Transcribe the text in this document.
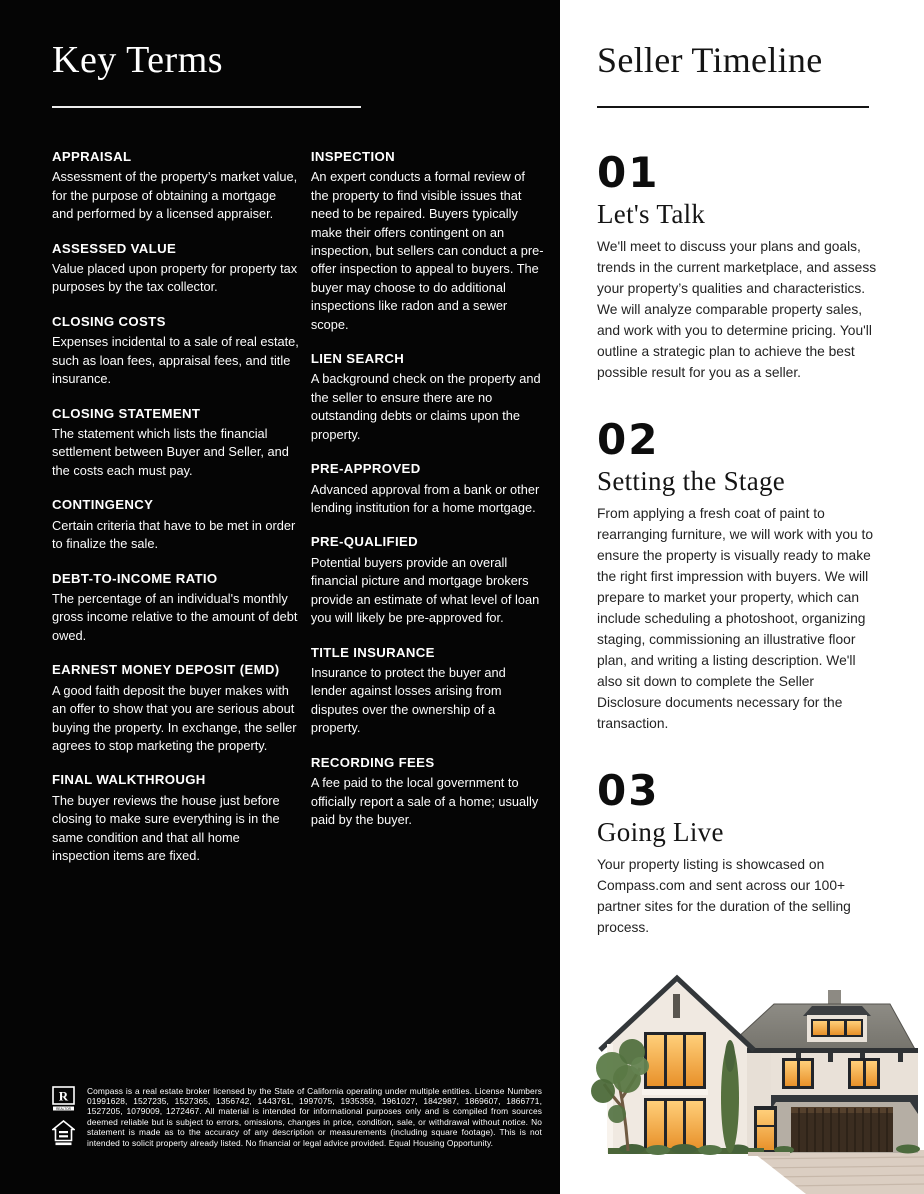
Key Terms
APPRAISAL
Assessment of the property’s market value, for the purpose of obtaining a mortgage and performed by a licensed appraiser.
ASSESSED VALUE
Value placed upon property for property tax purposes by the tax collector.
CLOSING COSTS
Expenses incidental to a sale of real estate, such as loan fees, appraisal fees, and title insurance.
CLOSING STATEMENT
The statement which lists the financial settlement between Buyer and Seller, and the costs each must pay.
CONTINGENCY
Certain criteria that have to be met in order to finalize the sale.
DEBT-TO-INCOME RATIO
The percentage of an individual's monthly gross income relative to the amount of debt owed.
EARNEST MONEY DEPOSIT (EMD)
A good faith deposit the buyer makes with an offer to show that you are serious about buying the property. In exchange, the seller agrees to stop marketing the property.
FINAL WALKTHROUGH
The buyer reviews the house just before closing to make sure everything is in the same condition and that all home inspection items are fixed.
INSPECTION
An expert conducts a formal review of the property to find visible issues that need to be repaired. Buyers typically make their offers contingent on an inspection, but sellers can conduct a pre-offer inspection to appeal to buyers. The buyer may choose to do additional inspections like radon and a sewer scope.
LIEN SEARCH
A background check on the property and the seller to ensure there are no outstanding debts or claims upon the property.
PRE-APPROVED
Advanced approval from a bank or other lending institution for a home mortgage.
PRE-QUALIFIED
Potential buyers provide an overall financial picture and mortgage brokers provide an estimate of what level of loan you will likely be pre-approved for.
TITLE INSURANCE
Insurance to protect the buyer and lender against losses arising from disputes over the ownership of a property.
RECORDING FEES
A fee paid to the local government to officially report a sale of a home; usually paid by the buyer.
R
REALTOR

Compass is a real estate broker licensed by the State of California operating under multiple entities. License Numbers 01991628, 1527235, 1527365, 1356742, 1443761, 1997075, 1935359, 1961027, 1842987, 1869607, 1866771, 1527205, 1079009, 1272467. All material is intended for informational purposes only and is compiled from sources deemed reliable but is subject to errors, omissions, changes in price, condition, sale, or withdrawal without notice. No statement is made as to the accuracy of any description or measurements (including square footage). This is not intended to solicit property already listed. No financial or legal advice provided. Equal Housing Opportunity.

Seller Timeline
01
Let's Talk
We'll meet to discuss your plans and goals, trends in the current marketplace, and assess your property’s qualities and characteristics. We will analyze comparable property sales, and work with you to determine pricing. You'll outline a strategic plan to achieve the best possible result for you as a seller.
02
Setting the Stage
From applying a fresh coat of paint to rearranging furniture, we will work with you to ensure the property is visually ready to make the right first impression with buyers. We will prepare to market your property, which can include scheduling a photoshoot, organizing staging, commissioning an illustrative floor plan, and writing a listing description. We'll also sit down to complete the Seller Disclosure documents necessary for the transaction.
03
Going Live
Your property listing is showcased on Compass.com and sent across our 100+ partner sites for the duration of the selling process.
